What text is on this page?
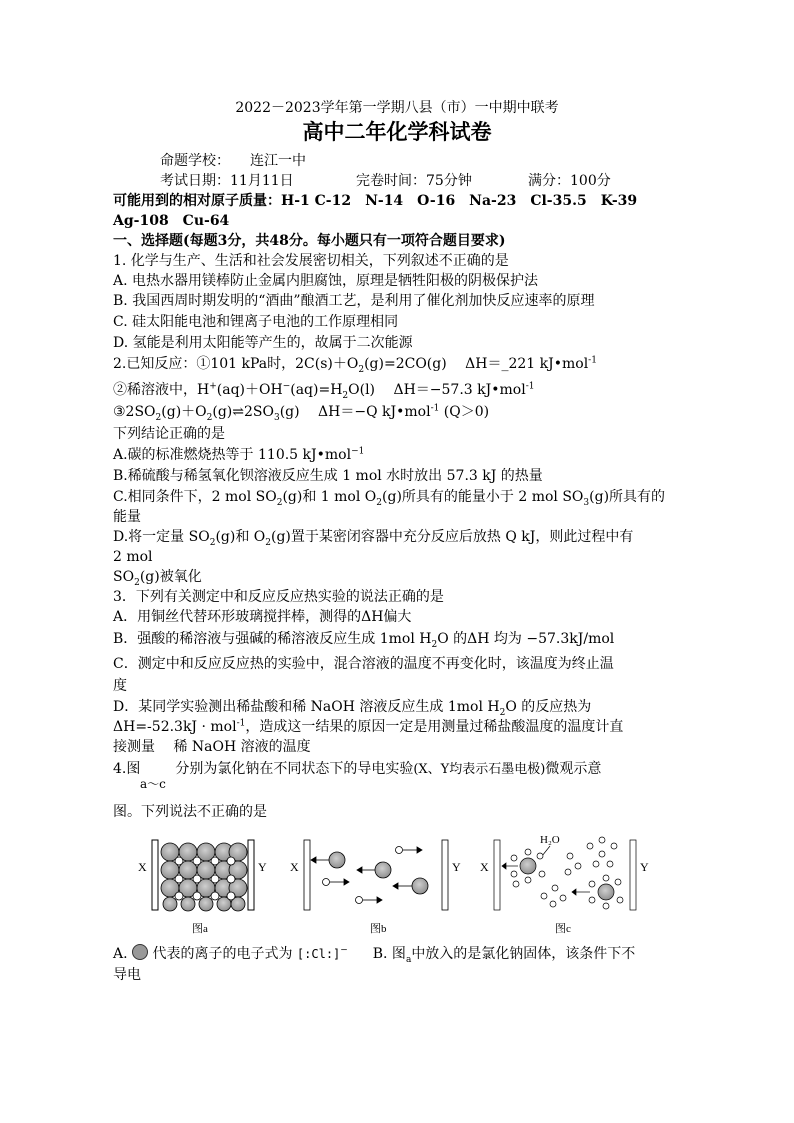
2022－2023学年第一学期八县（市）一中期中联考
高中二年化学科试卷
命题学校： 连江一中
考试日期：11月11日	完卷时间：75分钟	满分：100分
可能用到的相对原子质量：H-1 C-12　N-14　O-16　Na-23　Cl-35.5　K-39
Ag-108　Cu-64
一、选择题(每题3分，共48分。每小题只有一项符合题目要求)
1. 化学与生产、生活和社会发展密切相关，下列叙述不正确的是
A. 电热水器用镁棒防止金属内胆腐蚀，原理是牺牲阳极的阴极保护法
B. 我国西周时期发明的“酒曲”酿酒工艺，是利用了催化剂加快反应速率的原理
C. 硅太阳能电池和锂离子电池的工作原理相同
D. 氢能是利用太阳能等产生的，故属于二次能源
2.已知反应：①101 kPa时，$2C(s)+O_2(g)=2CO(g)$　 ΔH＝_221 kJ•mol$^{-1}$
②稀溶液中，$H^+(aq)+OH^-(aq)=H_2O(l)$　 ΔH＝−57.3 kJ•mol$^{-1}$
$③2SO_2(g)+O_2(g)\rightleftharpoons 2SO_3(g)$　 ΔH＝−Q kJ•mol$^{-1}$ (Q＞0)
下列结论正确的是
A.碳的标准燃烧热等于 110.5 kJ•mol$^{-1}$
B.稀硫酸与稀氢氧化钡溶液反应生成 1 mol 水时放出 57.3 kJ 的热量
C.相同条件下，2 mol $SO_2(g)$和 1 mol $O_2(g)$所具有的能量小于 2 mol $SO_3(g)$所具有的
能量
D.将一定量 $SO_2(g)$和 $O_2(g)$置于某密闭容器中充分反应后放热 Q kJ，则此过程中有
2 mol
$SO_2(g)$被氧化
3．下列有关测定中和反应反应热实验的说法正确的是
A．用铜丝代替环形玻璃搅拌棒，测得的ΔH偏大
B．强酸的稀溶液与强碱的稀溶液反应生成 1mol $H_2O$ 的ΔH 均为 −57.3kJ/mol
C．测定中和反应反应热的实验中，混合溶液的温度不再变化时，该温度为终止温
度
D．某同学实验测出稀盐酸和稀 NaOH 溶液反应生成 1mol $H_2O$ 的反应热为
ΔH=-52.3kJ · mol$^{-1}$，造成这一结果的原因一定是用测量过稀盐酸温度的温度计直
接测量　 稀 NaOH 溶液的温度
4.图	分别为氯化钠在不同状态下的导电实验(X、Y均表示石墨电极)微观示意
a～c
图。下列说法不正确的是
X	Y
图a
X	Y
图b
X	Y
H₂O
图c
A. 代表的离子的电子式为 [:Cl:]− B. 图$_a$中放入的是氯化钠固体，该条件下不
导电
